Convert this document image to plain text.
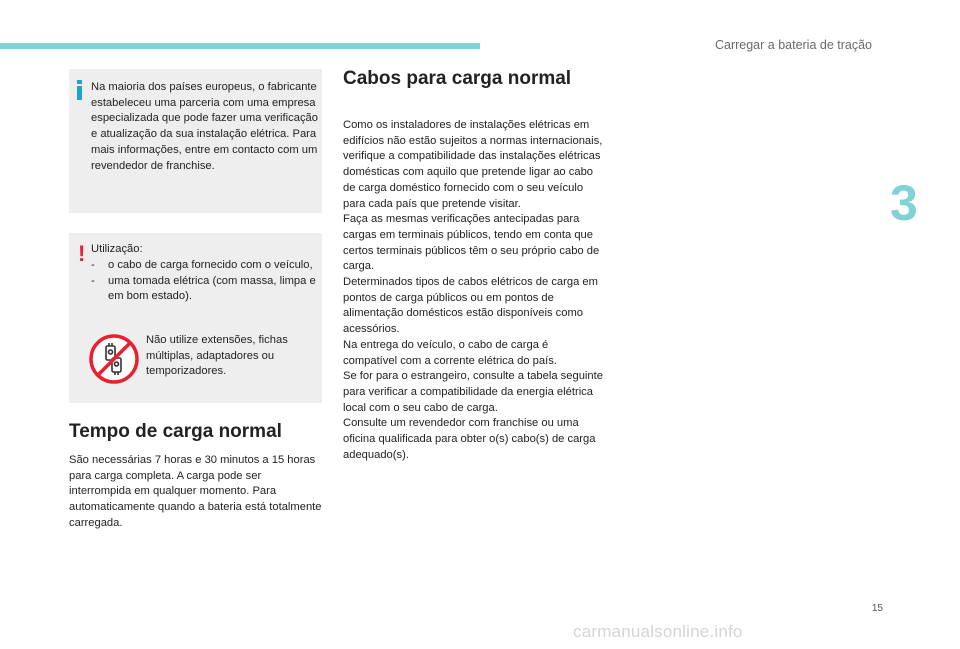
Carregar a bateria de tração
3
Na maioria dos países europeus, o fabricante estabeleceu uma parceria com uma empresa especializada que pode fazer uma verificação e atualização da sua instalação elétrica. Para mais informações, entre em contacto com um revendedor de franchise.
! Utilização:
- o cabo de carga fornecido com o veículo,
- uma tomada elétrica (com massa, limpa e em bom estado).
Não utilize extensões, fichas múltiplas, adaptadores ou temporizadores.
Tempo de carga normal
São necessárias 7 horas e 30 minutos a 15 horas para carga completa. A carga pode ser interrompida em qualquer momento. Para automaticamente quando a bateria está totalmente carregada.
Cabos para carga normal
Como os instaladores de instalações elétricas em edifícios não estão sujeitos a normas internacionais, verifique a compatibilidade das instalações elétricas domésticas com aquilo que pretende ligar ao cabo de carga doméstico fornecido com o seu veículo para cada país que pretende visitar.
Faça as mesmas verificações antecipadas para cargas em terminais públicos, tendo em conta que certos terminais públicos têm o seu próprio cabo de carga.
Determinados tipos de cabos elétricos de carga em pontos de carga públicos ou em pontos de alimentação domésticos estão disponíveis como acessórios.
Na entrega do veículo, o cabo de carga é compatível com a corrente elétrica do país.
Se for para o estrangeiro, consulte a tabela seguinte para verificar a compatibilidade da energia elétrica local com o seu cabo de carga.
Consulte um revendedor com franchise ou uma oficina qualificada para obter o(s) cabo(s) de carga adequado(s).
15
carmanualsonline.info
